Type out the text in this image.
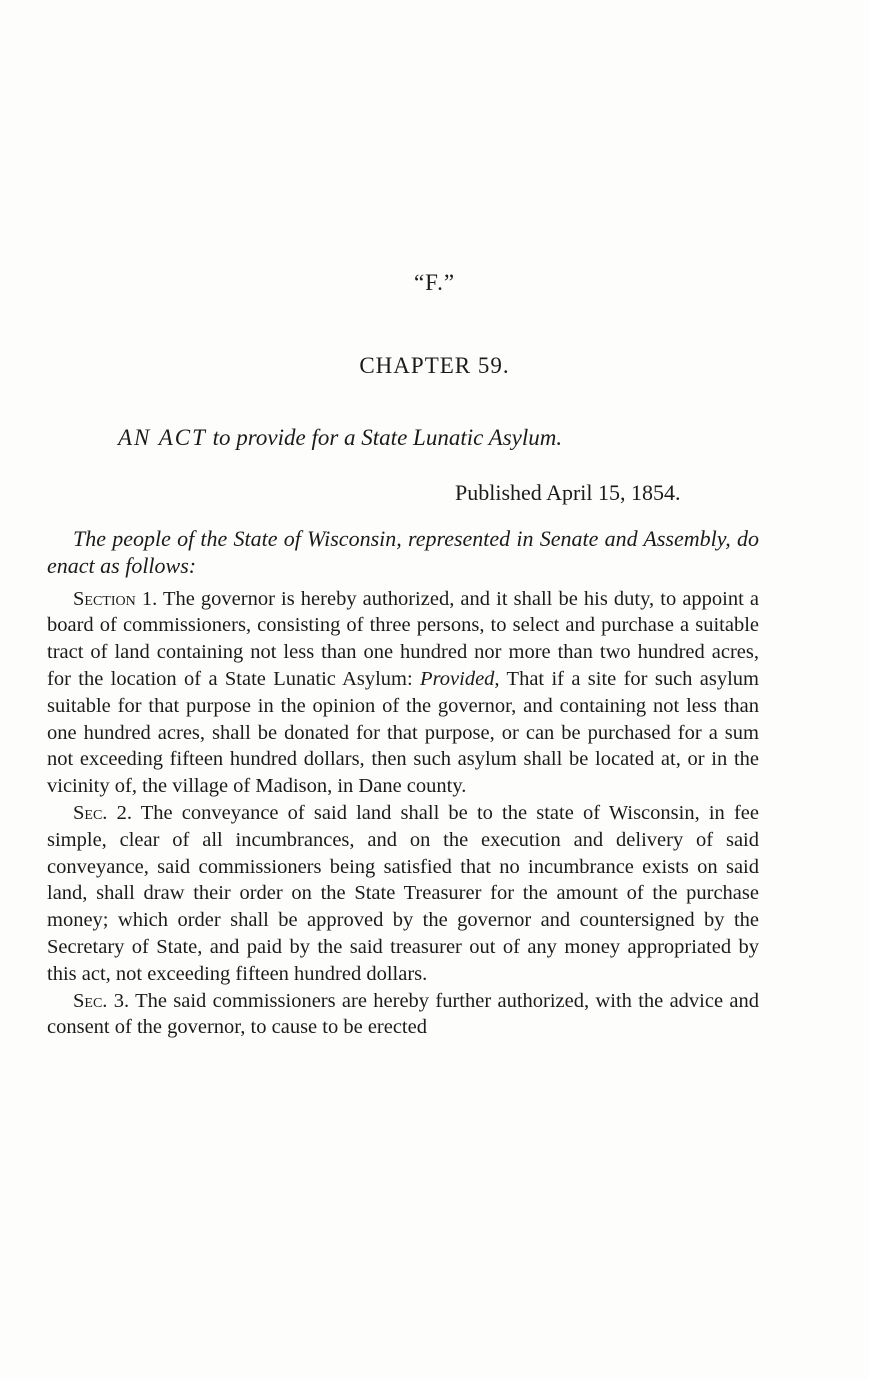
“F.”
CHAPTER 59.
AN ACT to provide for a State Lunatic Asylum.
Published April 15, 1854.

The people of the State of Wisconsin, represented in Senate and Assembly, do enact as follows:

Section 1. The governor is hereby authorized, and it shall be his duty, to appoint a board of commissioners, consisting of three persons, to select and purchase a suitable tract of land containing not less than one hundred nor more than two hundred acres, for the location of a State Lunatic Asylum: Provided, That if a site for such asylum suitable for that purpose in the opinion of the governor, and containing not less than one hundred acres, shall be donated for that purpose, or can be purchased for a sum not exceeding fifteen hundred dollars, then such asylum shall be located at, or in the vicinity of, the village of Madison, in Dane county.

Sec. 2. The conveyance of said land shall be to the state of Wisconsin, in fee simple, clear of all incumbrances, and on the execution and delivery of said conveyance, said commissioners being satisfied that no incumbrance exists on said land, shall draw their order on the State Treasurer for the amount of the purchase money; which order shall be approved by the governor and countersigned by the Secretary of State, and paid by the said treasurer out of any money appropriated by this act, not exceeding fifteen hundred dollars.

Sec. 3. The said commissioners are hereby further authorized, with the advice and consent of the governor, to cause to be erected
